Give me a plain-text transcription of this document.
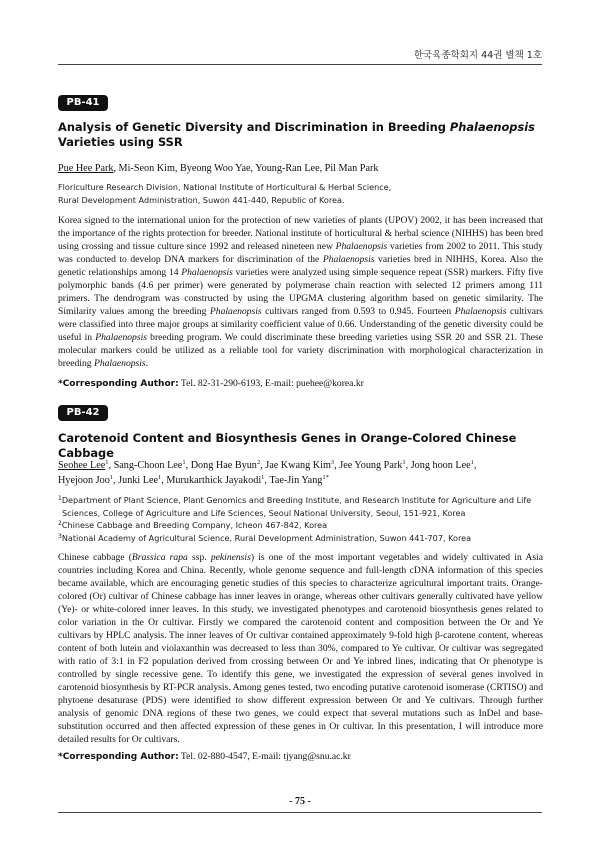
한국육종학회지 44권 별책 1호
PB-41
Analysis of Genetic Diversity and Discrimination in Breeding Phalaenopsis
Varieties using SSR
Pue Hee Park, Mi-Seon Kim, Byeong Woo Yae, Young-Ran Lee, Pil Man Park
Floriculture Research Division, National Institute of Horticultural & Herbal Science,
Rural Development Administration, Suwon 441-440, Republic of Korea.
Korea signed to the international union for the protection of new varieties of plants (UPOV) 2002, it has been increased that the importance of the rights protection for breeder. National institute of horticultural & herbal science (NIHHS) has been bred using crossing and tissue culture since 1992 and released nineteen new Phalaenopsis varieties from 2002 to 2011. This study was conducted to develop DNA markers for discrimination of the Phalaenopsis varieties bred in NIHHS, Korea. Also the genetic relationships among 14 Phalaenopsis varieties were analyzed using simple sequence repeat (SSR) markers. Fifty five polymorphic bands (4.6 per primer) were generated by polymerase chain reaction with selected 12 primers among 111 primers. The dendrogram was constructed by using the UPGMA clustering algorithm based on genetic similarity. The Similarity values among the breeding Phalaenopsis cultivars ranged from 0.593 to 0.945. Fourteen Phalaenopsis cultivars were classified into three major groups at similarity coefficient value of 0.66. Understanding of the genetic diversity could be useful in Phalaenopsis breeding program. We could discriminate these breeding varieties using SSR 20 and SSR 21. These molecular markers could be utilized as a reliable tool for variety discrimination with morphological characterization in breeding Phalaenopsis.
*Corresponding Author: Tel. 82-31-290-6193, E-mail: puehee@korea.kr
PB-42
Carotenoid Content and Biosynthesis Genes in Orange-Colored Chinese Cabbage
Seohee Lee$^1$, Sang-Choon Lee$^1$, Dong Hae Byun$^2$, Jae Kwang Kim$^3$, Jee Young Park$^1$, Jong hoon Lee$^1$,
Hyejoon Joo$^1$, Junki Lee$^1$, Murukarthick Jayakodi$^1$, Tae-Jin Yang$^{1*}$
$^1$Department of Plant Science, Plant Genomics and Breeding Institute, and Research Institute for Agriculture and Life
Sciences, College of Agriculture and Life Sciences, Seoul National University, Seoul, 151-921, Korea
$^2$Chinese Cabbage and Breeding Company, Icheon 467-842, Korea
$^3$National Academy of Agricultural Science, Rural Development Administration, Suwon 441-707, Korea
Chinese cabbage (Brassica rapa ssp. pekinensis) is one of the most important vegetables and widely cultivated in Asia countries including Korea and China. Recently, whole genome sequence and full-length cDNA information of this species became available, which are encouraging genetic studies of this species to characterize agricultural important traits. Orange-colored (Or) cultivar of Chinese cabbage has inner leaves in orange, whereas other cultivars generally cultivated have yellow (Ye)- or white-colored inner leaves. In this study, we investigated phenotypes and carotenoid biosynthesis genes related to color variation in the Or cultivar. Firstly we compared the carotenoid content and composition between the Or and Ye cultivars by HPLC analysis. The inner leaves of Or cultivar contained approximately 9-fold high β-carotene content, whereas content of both lutein and violaxanthin was decreased to less than 30%, compared to Ye cultivar. Or cultivar was segregated with ratio of 3:1 in F2 population derived from crossing between Or and Ye inbred lines, indicating that Or phenotype is controlled by single recessive gene. To identify this gene, we investigated the expression of several genes involved in carotenoid biosynthesis by RT-PCR analysis. Among genes tested, two encoding putative carotenoid isomerase (CRTISO) and phytoene desaturase (PDS) were identified to show different expression between Or and Ye cultivars. Through further analysis of genomic DNA regions of these two genes, we could expect that several mutations such as InDel and base-substitution occurred and then affected expression of these genes in Or cultivar. In this presentation, I will introduce more detailed results for Or cultivars.
*Corresponding Author: Tel. 02-880-4547, E-mail: tjyang@snu.ac.kr
- 75 -
